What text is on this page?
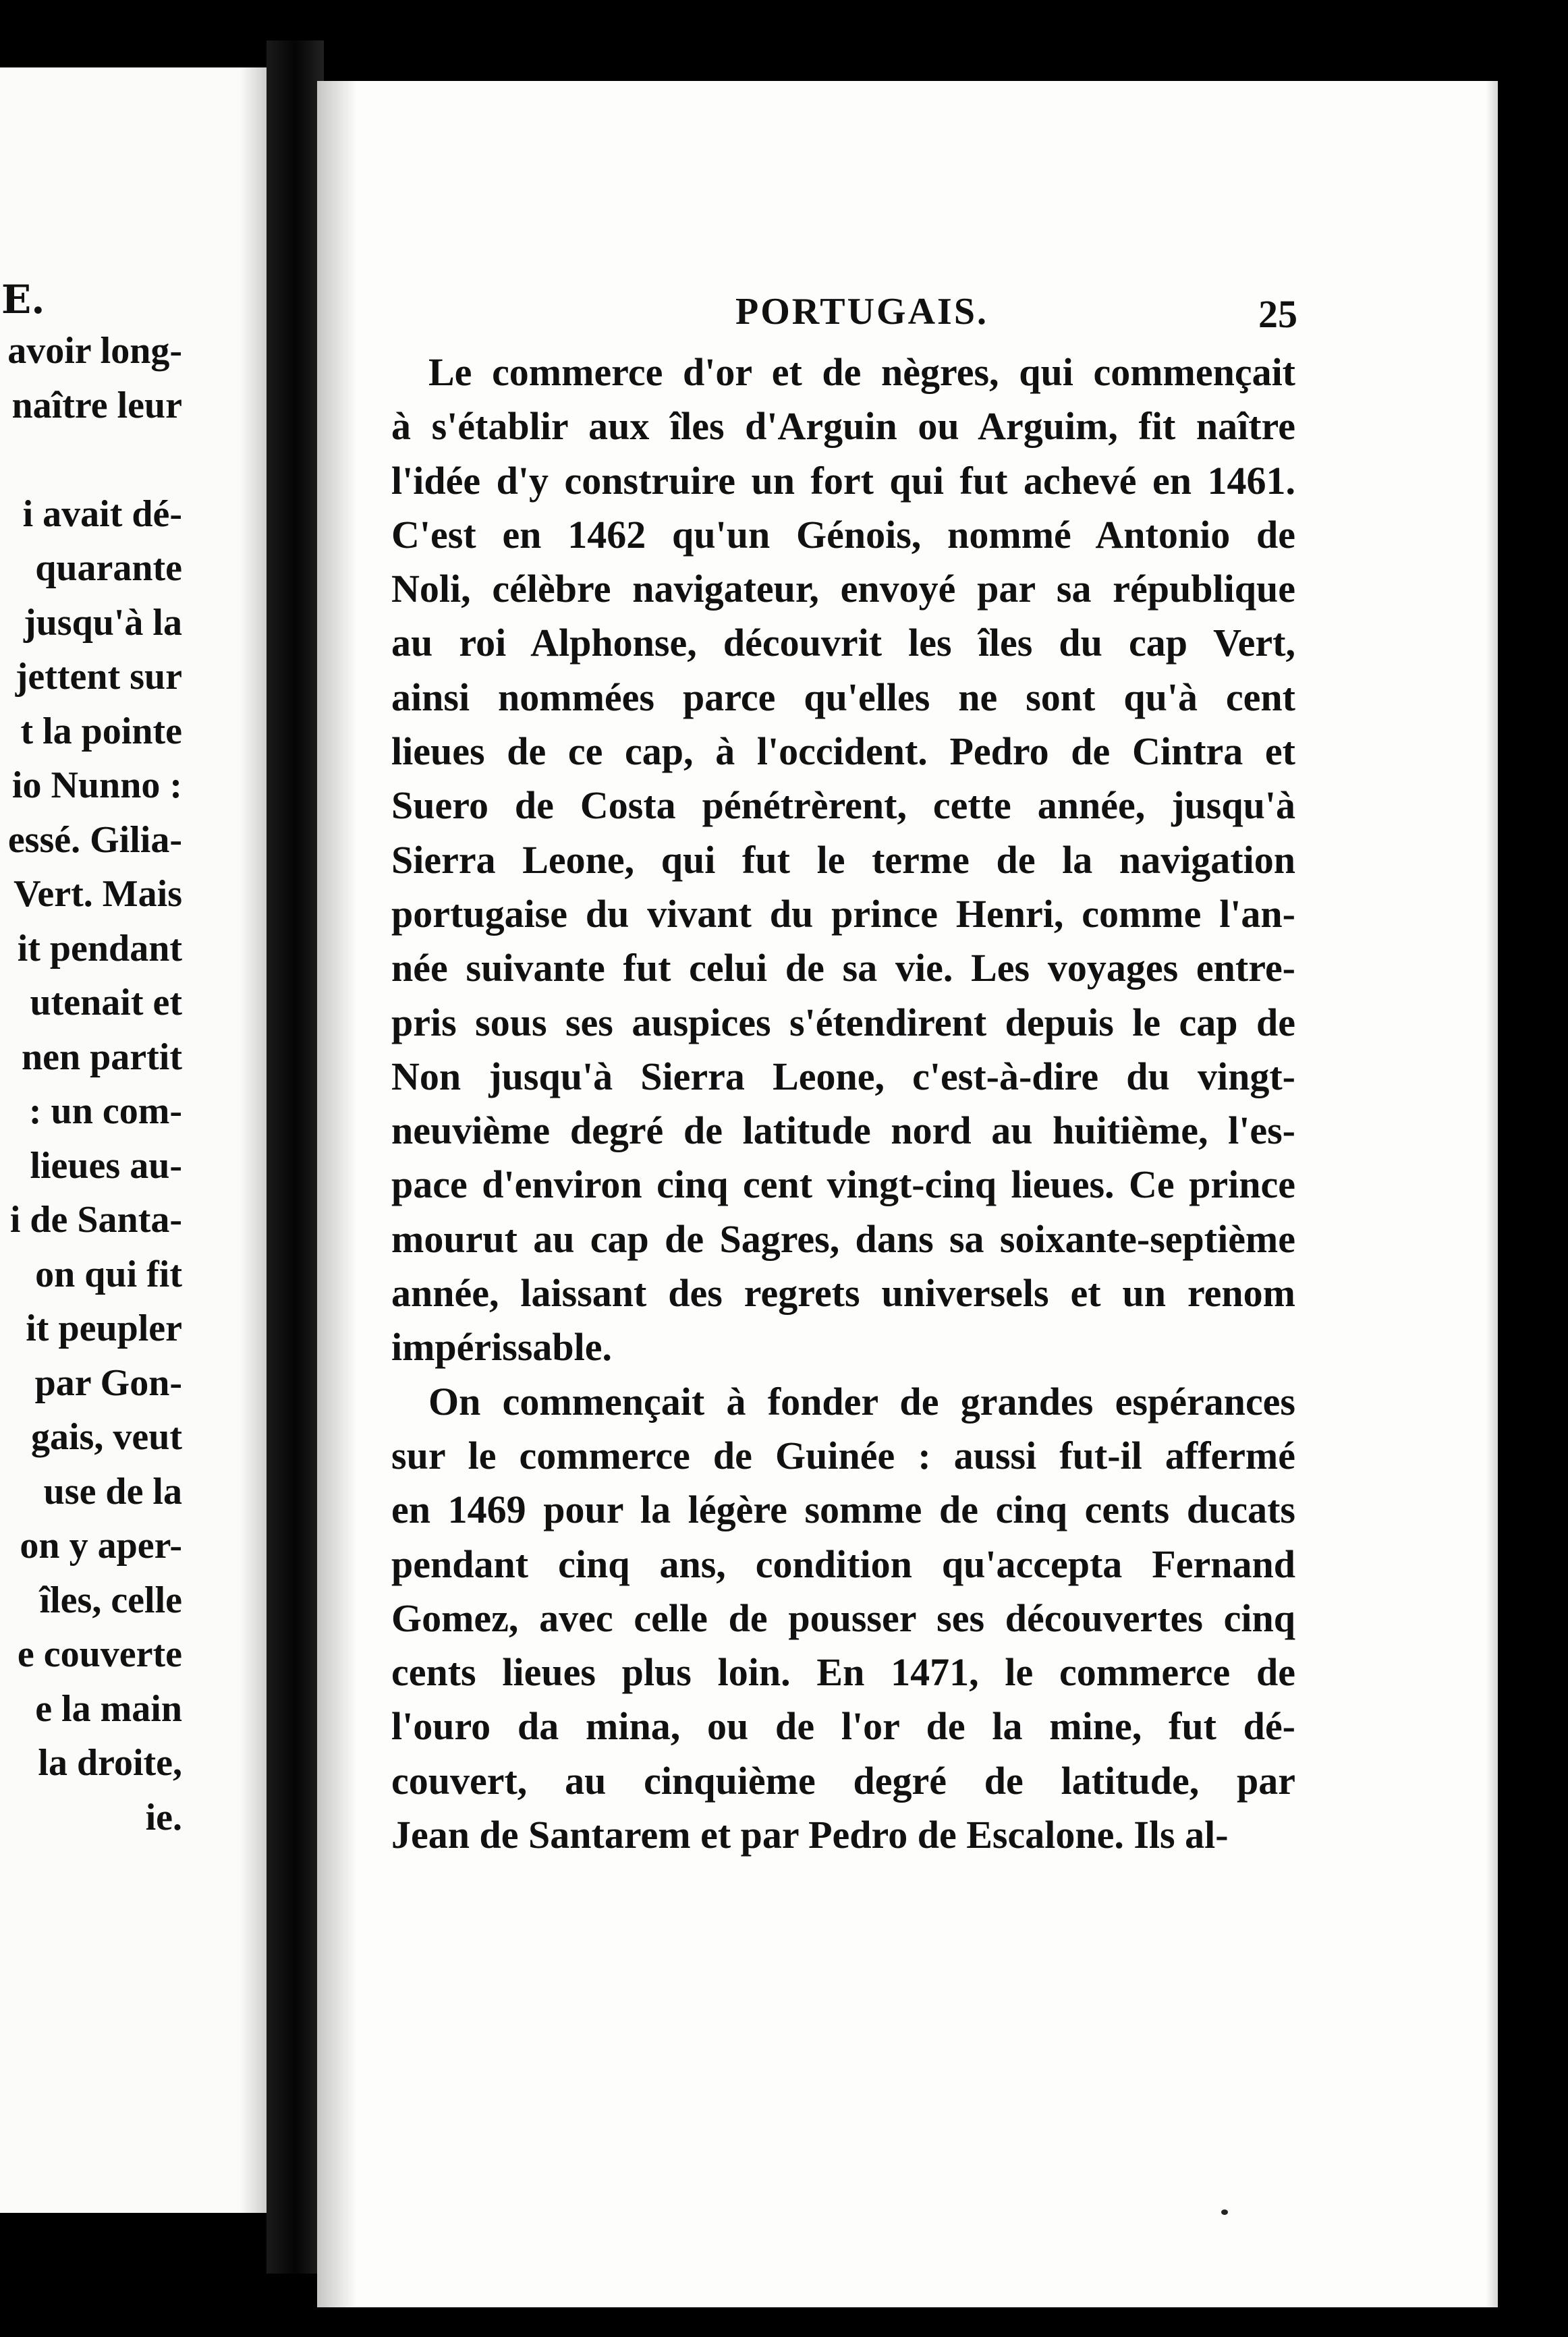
E.
avoir long-
naître leur

i avait dé-
quarante
jusqu'à la
jettent sur
t la pointe
io Nunno :
essé. Gilia-
Vert. Mais
it pendant
utenait et
nen partit
: un com-
lieues au-
i de Santa-
on qui fit
it peupler
par Gon-
gais, veut
use de la
on y aper-
îles, celle
e couverte
e la main
la droite,
ie.
PORTUGAIS.	25
Le commerce d'or et de nègres, qui commençait
à s'établir aux îles d'Arguin ou Arguim, fit naître
l'idée d'y construire un fort qui fut achevé en 1461.
C'est en 1462 qu'un Génois, nommé Antonio de
Noli, célèbre navigateur, envoyé par sa république
au roi Alphonse, découvrit les îles du cap Vert,
ainsi nommées parce qu'elles ne sont qu'à cent
lieues de ce cap, à l'occident. Pedro de Cintra et
Suero de Costa pénétrèrent, cette année, jusqu'à
Sierra Leone, qui fut le terme de la navigation
portugaise du vivant du prince Henri, comme l'an-
née suivante fut celui de sa vie. Les voyages entre-
pris sous ses auspices s'étendirent depuis le cap de
Non jusqu'à Sierra Leone, c'est-à-dire du vingt-
neuvième degré de latitude nord au huitième, l'es-
pace d'environ cinq cent vingt-cinq lieues. Ce prince
mourut au cap de Sagres, dans sa soixante-septième
année, laissant des regrets universels et un renom
impérissable.
On commençait à fonder de grandes espérances
sur le commerce de Guinée : aussi fut-il affermé
en 1469 pour la légère somme de cinq cents ducats
pendant cinq ans, condition qu'accepta Fernand
Gomez, avec celle de pousser ses découvertes cinq
cents lieues plus loin. En 1471, le commerce de
l'ouro da mina, ou de l'or de la mine, fut dé-
couvert, au cinquième degré de latitude, par
Jean de Santarem et par Pedro de Escalone. Ils al-
